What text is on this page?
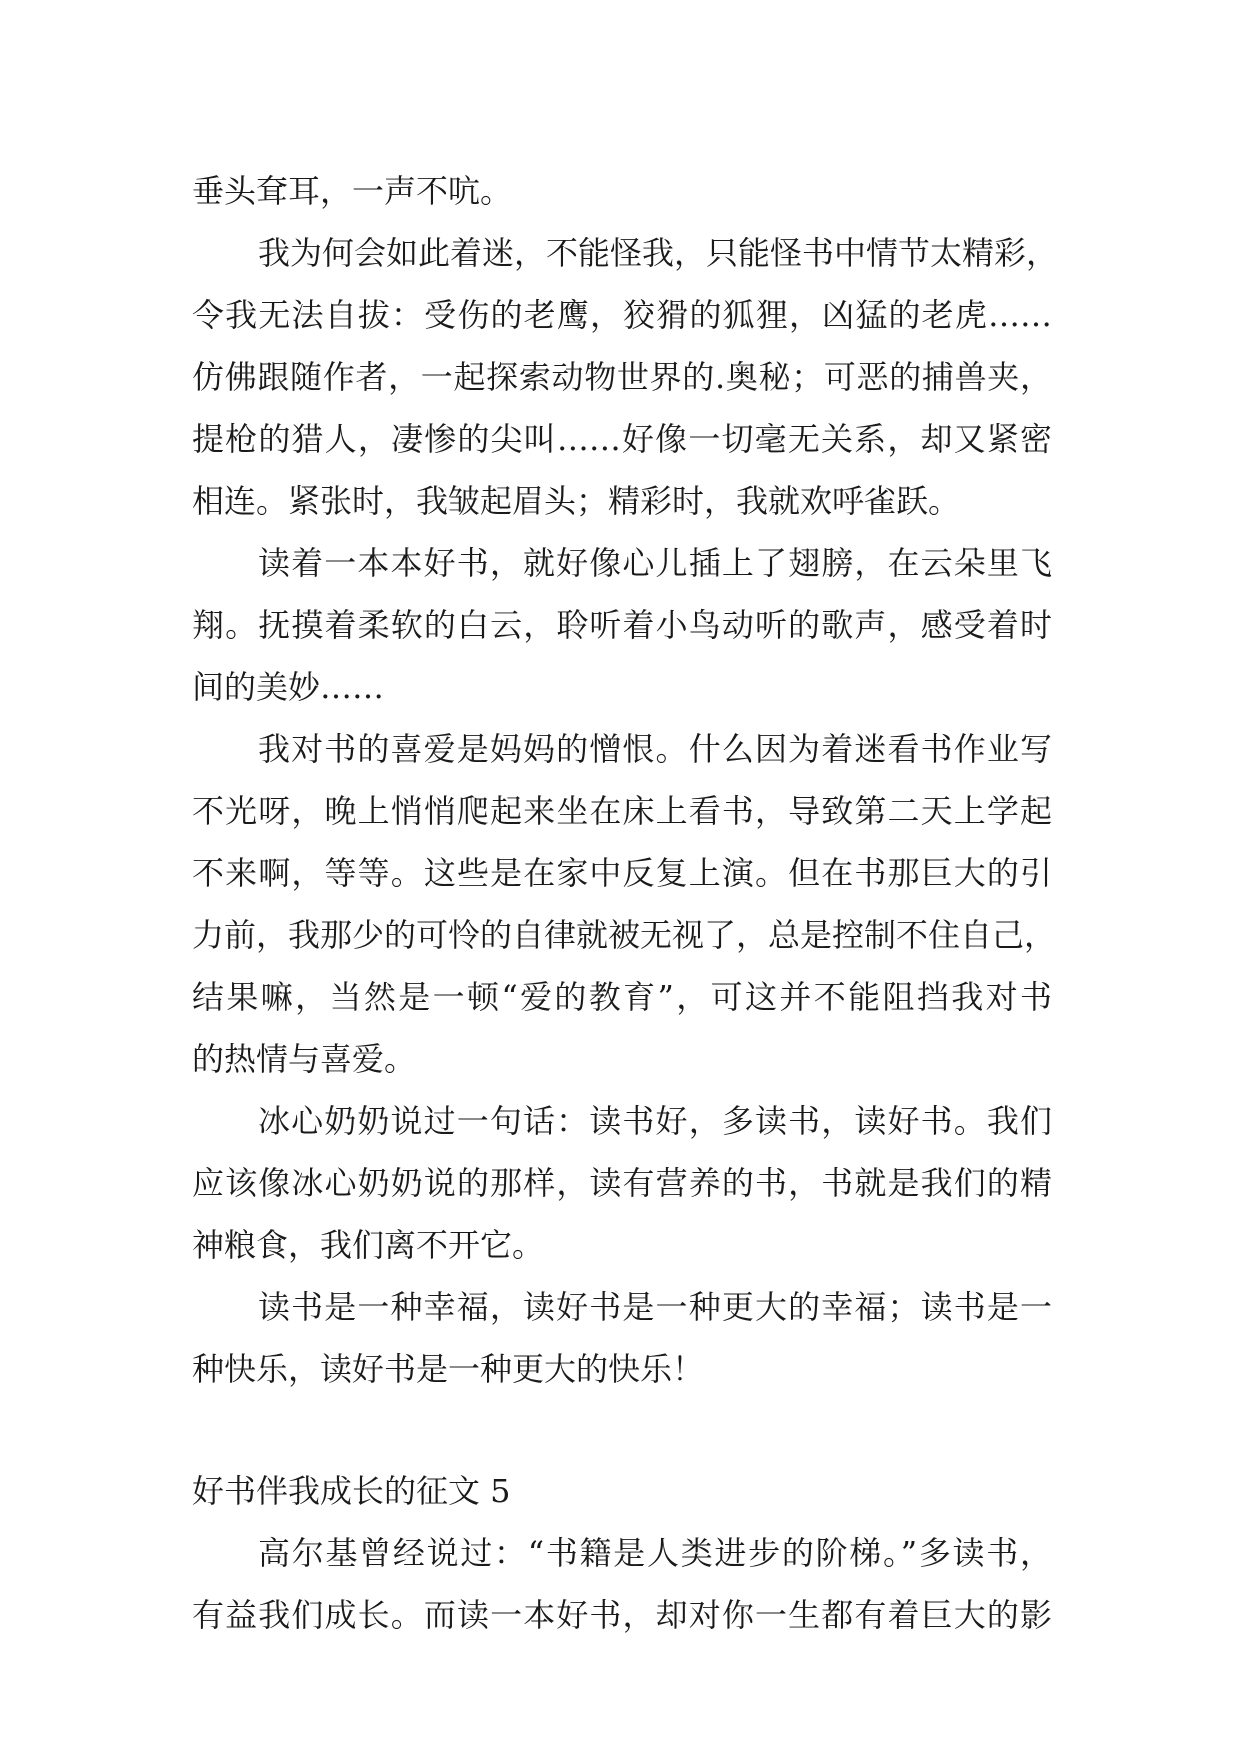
垂头耷耳，一声不吭。
我为何会如此着迷，不能怪我，只能怪书中情节太精彩，
令我无法自拔：受伤的老鹰，狡猾的狐狸，凶猛的老虎……
仿佛跟随作者，一起探索动物世界的.奥秘；可恶的捕兽夹，
提枪的猎人，凄惨的尖叫……好像一切毫无关系，却又紧密
相连。紧张时，我皱起眉头；精彩时，我就欢呼雀跃。
读着一本本好书，就好像心儿插上了翅膀，在云朵里飞
翔。抚摸着柔软的白云，聆听着小鸟动听的歌声，感受着时
间的美妙……
我对书的喜爱是妈妈的憎恨。什么因为着迷看书作业写
不光呀，晚上悄悄爬起来坐在床上看书，导致第二天上学起
不来啊，等等。这些是在家中反复上演。但在书那巨大的引
力前，我那少的可怜的自律就被无视了，总是控制不住自己，
结果嘛，当然是一顿“爱的教育”，可这并不能阻挡我对书
的热情与喜爱。
冰心奶奶说过一句话：读书好，多读书，读好书。我们
应该像冰心奶奶说的那样，读有营养的书，书就是我们的精
神粮食，我们离不开它。
读书是一种幸福，读好书是一种更大的幸福；读书是一
种快乐，读好书是一种更大的快乐！
好书伴我成长的征文 5
高尔基曾经说过：“书籍是人类进步的阶梯。”多读书，
有益我们成长。而读一本好书，却对你一生都有着巨大的影
